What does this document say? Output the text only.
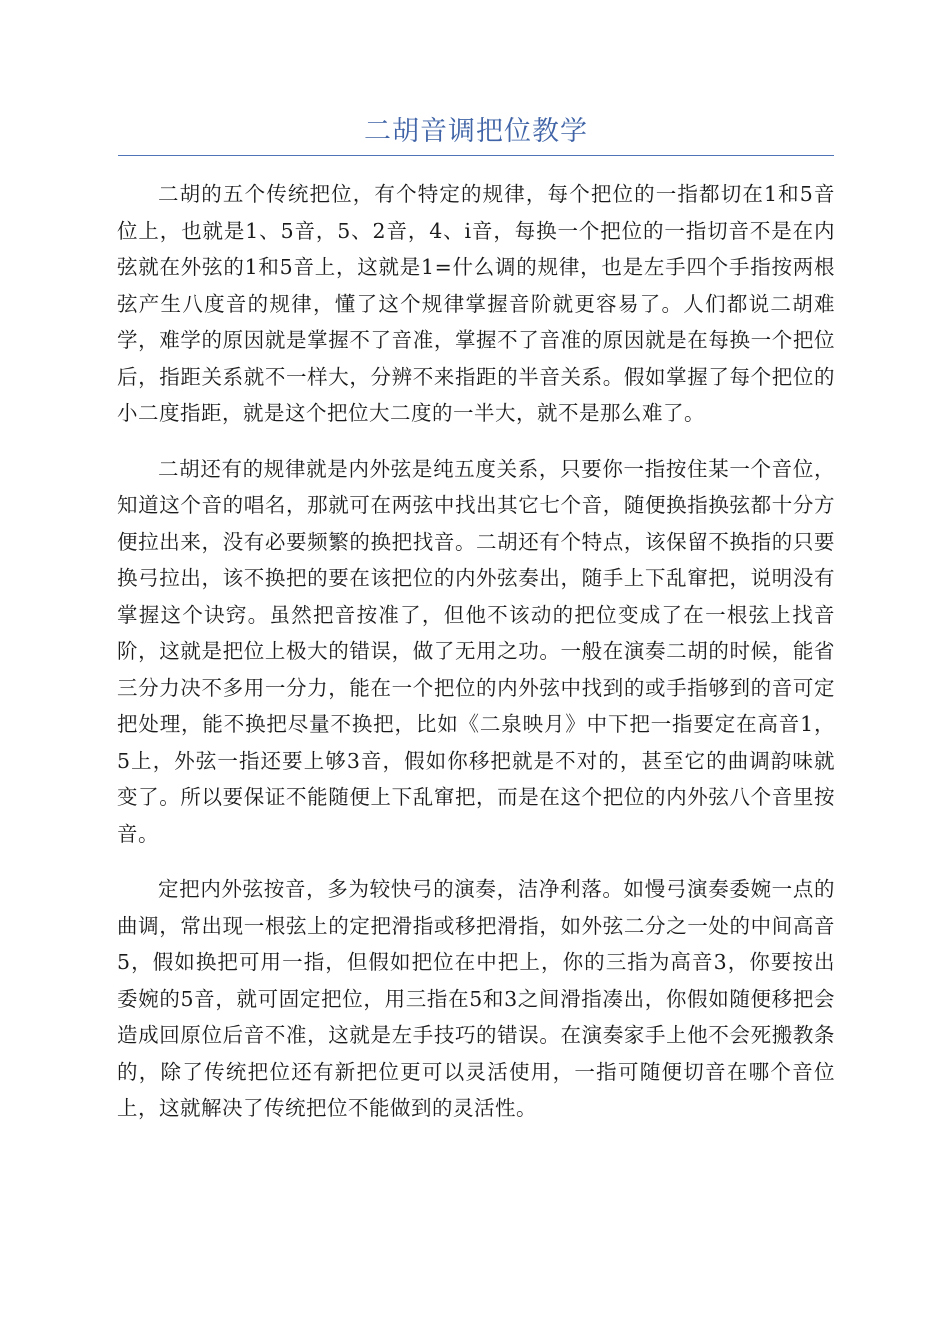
二胡音调把位教学

二胡的五个传统把位，有个特定的规律，每个把位的一指都切在1和5音位上，也就是1、5音，5、2音，4、i音，每换一个把位的一指切音不是在内弦就在外弦的1和5音上，这就是1=什么调的规律，也是左手四个手指按两根弦产生八度音的规律，懂了这个规律掌握音阶就更容易了。人们都说二胡难学，难学的原因就是掌握不了音准，掌握不了音准的原因就是在每换一个把位后，指距关系就不一样大，分辨不来指距的半音关系。假如掌握了每个把位的小二度指距，就是这个把位大二度的一半大，就不是那么难了。

二胡还有的规律就是内外弦是纯五度关系，只要你一指按住某一个音位，知道这个音的唱名，那就可在两弦中找出其它七个音，随便换指换弦都十分方便拉出来，没有必要频繁的换把找音。二胡还有个特点，该保留不换指的只要换弓拉出，该不换把的要在该把位的内外弦奏出，随手上下乱窜把，说明没有掌握这个诀窍。虽然把音按准了，但他不该动的把位变成了在一根弦上找音阶，这就是把位上极大的错误，做了无用之功。一般在演奏二胡的时候，能省三分力决不多用一分力，能在一个把位的内外弦中找到的或手指够到的音可定把处理，能不换把尽量不换把，比如《二泉映月》中下把一指要定在高音1，5上，外弦一指还要上够3音，假如你移把就是不对的，甚至它的曲调韵味就变了。所以要保证不能随便上下乱窜把，而是在这个把位的内外弦八个音里按音。

定把内外弦按音，多为较快弓的演奏，洁净利落。如慢弓演奏委婉一点的曲调，常出现一根弦上的定把滑指或移把滑指，如外弦二分之一处的中间高音5，假如换把可用一指，但假如把位在中把上，你的三指为高音3，你要按出委婉的5音，就可固定把位，用三指在5和3之间滑指凑出，你假如随便移把会造成回原位后音不准，这就是左手技巧的错误。在演奏家手上他不会死搬教条的，除了传统把位还有新把位更可以灵活使用，一指可随便切音在哪个音位上，这就解决了传统把位不能做到的灵活性。
